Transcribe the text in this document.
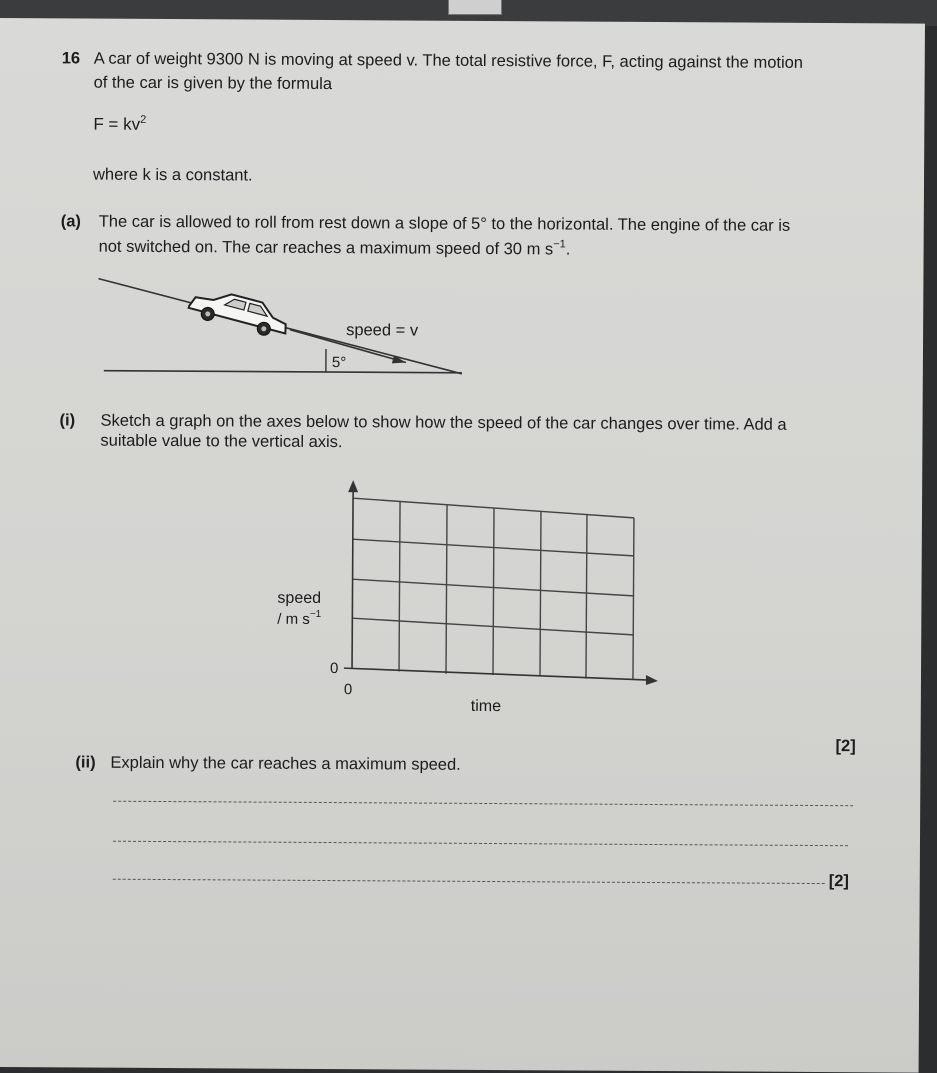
16 A car of weight 9300 N is moving at speed v. The total resistive force, F, acting against the motion
of the car is given by the formula
$F = kv^2$
where k is a constant.
(a) The car is allowed to roll from rest down a slope of 5° to the horizontal. The engine of the car is
not switched on. The car reaches a maximum speed of 30 m $s^{-1}$.
speed = v
5°
(i) Sketch a graph on the axes below to show how the speed of the car changes over time. Add a
suitable value to the vertical axis.
speed
/ m $s^{-1}$
0
0
time
[2]
(ii) Explain why the car reaches a maximum speed.
[2]
